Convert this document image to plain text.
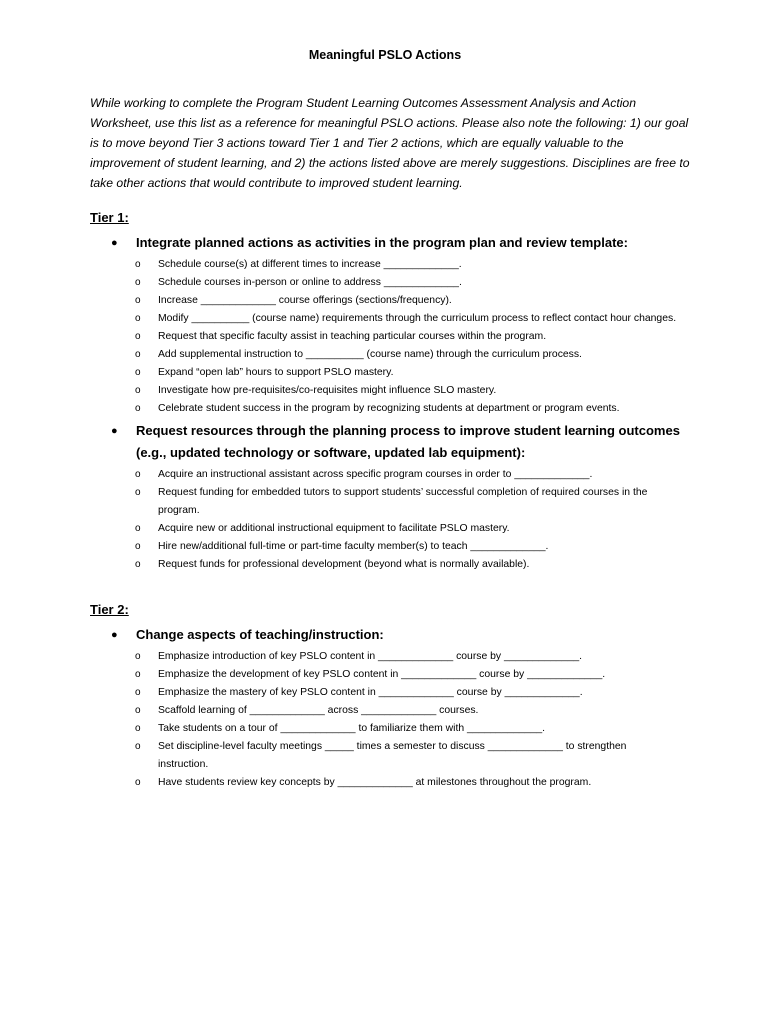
Meaningful PSLO Actions

While working to complete the Program Student Learning Outcomes Assessment Analysis and Action Worksheet, use this list as a reference for meaningful PSLO actions. Please also note the following: 1) our goal is to move beyond Tier 3 actions toward Tier 1 and Tier 2 actions, which are equally valuable to the improvement of student learning, and 2) the actions listed above are merely suggestions. Disciplines are free to take other actions that would contribute to improved student learning.

Tier 1:
● Integrate planned actions as activities in the program plan and review template:
o Schedule course(s) at different times to increase _____________.
o Schedule courses in-person or online to address _____________.
o Increase _____________ course offerings (sections/frequency).
o Modify __________ (course name) requirements through the curriculum process to reflect contact hour changes.
o Request that specific faculty assist in teaching particular courses within the program.
o Add supplemental instruction to __________ (course name) through the curriculum process.
o Expand “open lab” hours to support PSLO mastery.
o Investigate how pre-requisites/co-requisites might influence SLO mastery.
o Celebrate student success in the program by recognizing students at department or program events.
● Request resources through the planning process to improve student learning outcomes (e.g., updated technology or software, updated lab equipment):
o Acquire an instructional assistant across specific program courses in order to _____________.
o Request funding for embedded tutors to support students’ successful completion of required courses in the program.
o Acquire new or additional instructional equipment to facilitate PSLO mastery.
o Hire new/additional full-time or part-time faculty member(s) to teach _____________.
o Request funds for professional development (beyond what is normally available).
Tier 2:
● Change aspects of teaching/instruction:
o Emphasize introduction of key PSLO content in _____________ course by _____________.
o Emphasize the development of key PSLO content in _____________ course by _____________.
o Emphasize the mastery of key PSLO content in _____________ course by _____________.
o Scaffold learning of _____________ across _____________ courses.
o Take students on a tour of _____________ to familiarize them with _____________.
o Set discipline-level faculty meetings _____ times a semester to discuss _____________ to strengthen instruction.
o Have students review key concepts by _____________ at milestones throughout the program.
